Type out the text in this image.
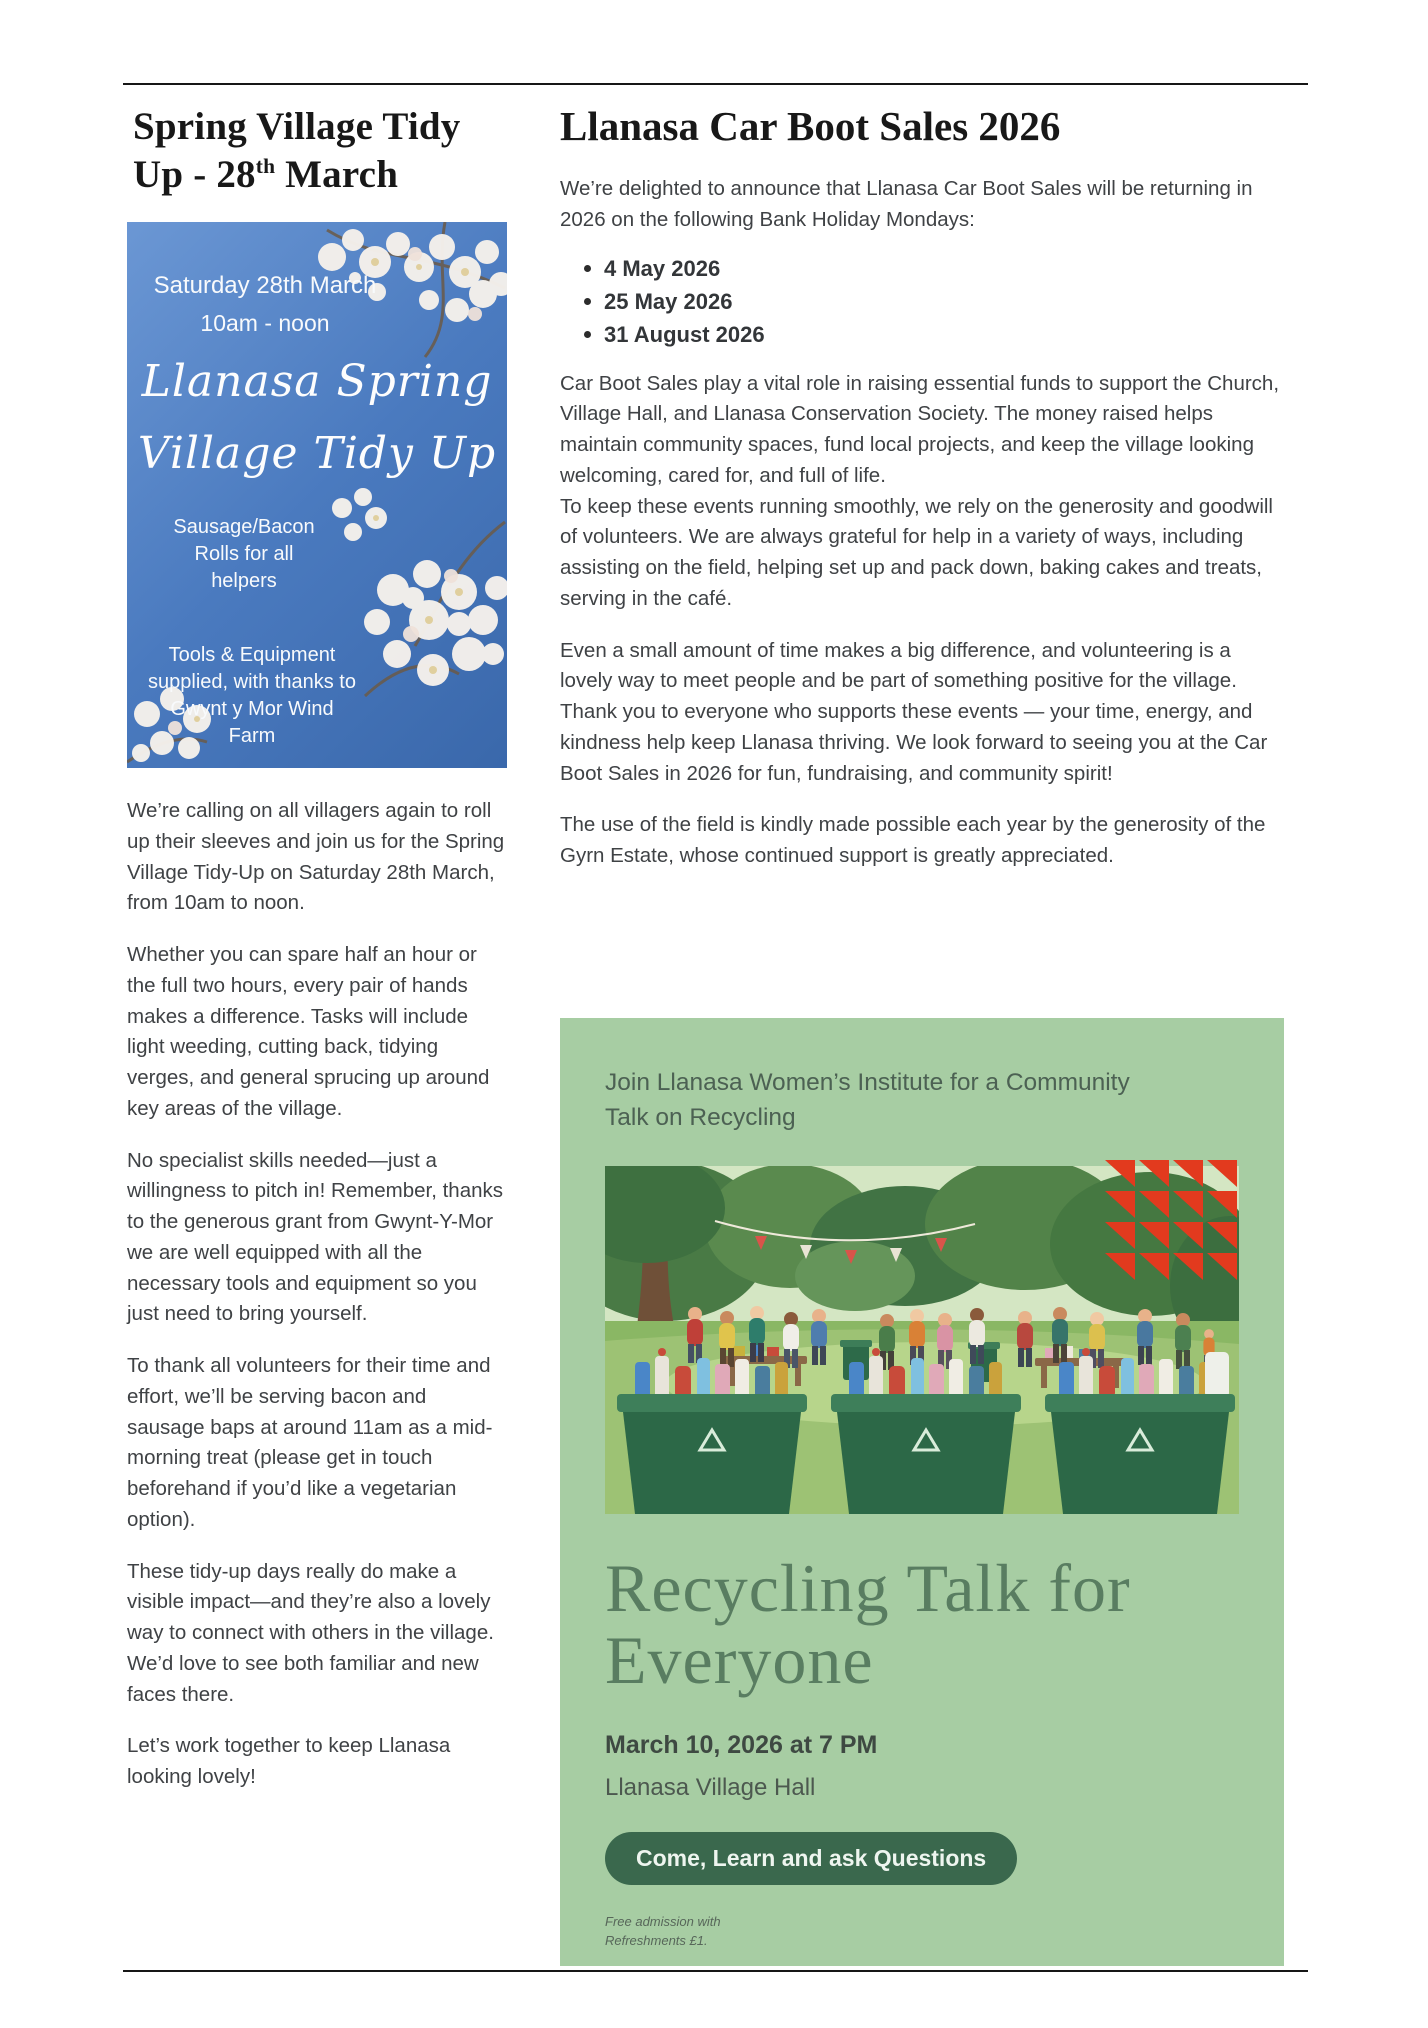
Spring Village Tidy Up - 28th March
Saturday 28th March
10am - noon
Llanasa Spring
Village Tidy Up
Sausage/Bacon Rolls for all helpers
Tools & Equipment supplied, with thanks to Gwynt y Mor Wind Farm

We’re calling on all villagers again to roll up their sleeves and join us for the Spring Village Tidy-Up on Saturday 28th March, from 10am to noon.

Whether you can spare half an hour or the full two hours, every pair of hands makes a difference. Tasks will include light weeding, cutting back, tidying verges, and general sprucing up around key areas of the village.

No specialist skills needed—just a willingness to pitch in! Remember, thanks to the generous grant from Gwynt-Y-Mor we are well equipped with all the necessary tools and equipment so you just need to bring yourself.

To thank all volunteers for their time and effort, we’ll be serving bacon and sausage baps at around 11am as a mid-morning treat (please get in touch beforehand if you’d like a vegetarian option).

These tidy-up days really do make a visible impact—and they’re also a lovely way to connect with others in the village. We’d love to see both familiar and new faces there.

Let’s work together to keep Llanasa looking lovely!

Llanasa Car Boot Sales 2026

We’re delighted to announce that Llanasa Car Boot Sales will be returning in 2026 on the following Bank Holiday Mondays:

4 May 2026
25 May 2026
31 August 2026

Car Boot Sales play a vital role in raising essential funds to support the Church, Village Hall, and Llanasa Conservation Society. The money raised helps maintain community spaces, fund local projects, and keep the village looking welcoming, cared for, and full of life.

To keep these events running smoothly, we rely on the generosity and goodwill of volunteers. We are always grateful for help in a variety of ways, including assisting on the field, helping set up and pack down, baking cakes and treats, serving in the café.

Even a small amount of time makes a big difference, and volunteering is a lovely way to meet people and be part of something positive for the village.

Thank you to everyone who supports these events — your time, energy, and kindness help keep Llanasa thriving. We look forward to seeing you at the Car Boot Sales in 2026 for fun, fundraising, and community spirit!

The use of the field is kindly made possible each year by the generosity of the Gyrn Estate, whose continued support is greatly appreciated.

Join Llanasa Women’s Institute for a Community Talk on Recycling
Recycling Talk for Everyone
March 10, 2026 at 7 PM
Llanasa Village Hall
Come, Learn and ask Questions
Free admission with Refreshments £1.
